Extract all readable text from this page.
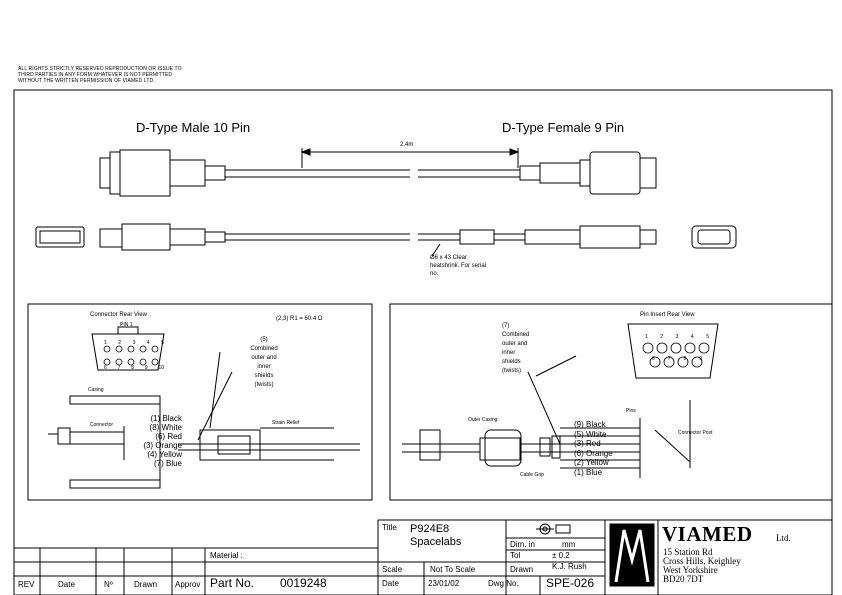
ALL RIGHTS STRICTLY RESERVED REPRODUCTION OR ISSUE TO
THIRD PARTIES IN ANY FORM WHATEVER IS NOT PERMITTED
WITHOUT THE WRITTEN PERMISSION OF VIAMED LTD.
D-Type Male 10 Pin	D-Type Female 9 Pin
2.4m
Ø6 x 43 Clear
heatshrink. For serial
no.
Connector Rear View
PIN 1
(2,3) R1 = 60.4 Ω
(5)
Combined
outer and
inner
shields
(twists)
1 2 3 4 5
6 7 8 9 10
Casing
Connector	Strain Relief
(1) Black
(8) White
(6) Red
(3) Orange
(4) Yellow
(7) Blue
Pin Insert Rear View
(7)
Combined
outer and
inner
shields
(twists)
1	2	3	4	5
6	7	8	9
Outer Casing
Pins
Connector Post
Cable Grip
(9) Black
(5) White
(3) Red
(6) Orange
(2) Yellow
(1) Blue
Title P924E8
Spacelabs	Dim. in	mm
Tol	± 0.2
Scale	Not To Scale	Drawn K.J. Rush
Date	23/01/02	Dwg No. SPE-026
Material :
Part No. 0019248
REV	Date	Nº	Drawn Approv
VIAMED	Ltd.
15 Station Rd
Cross Hills, Keighley
West Yorkshire
BD20 7DT
